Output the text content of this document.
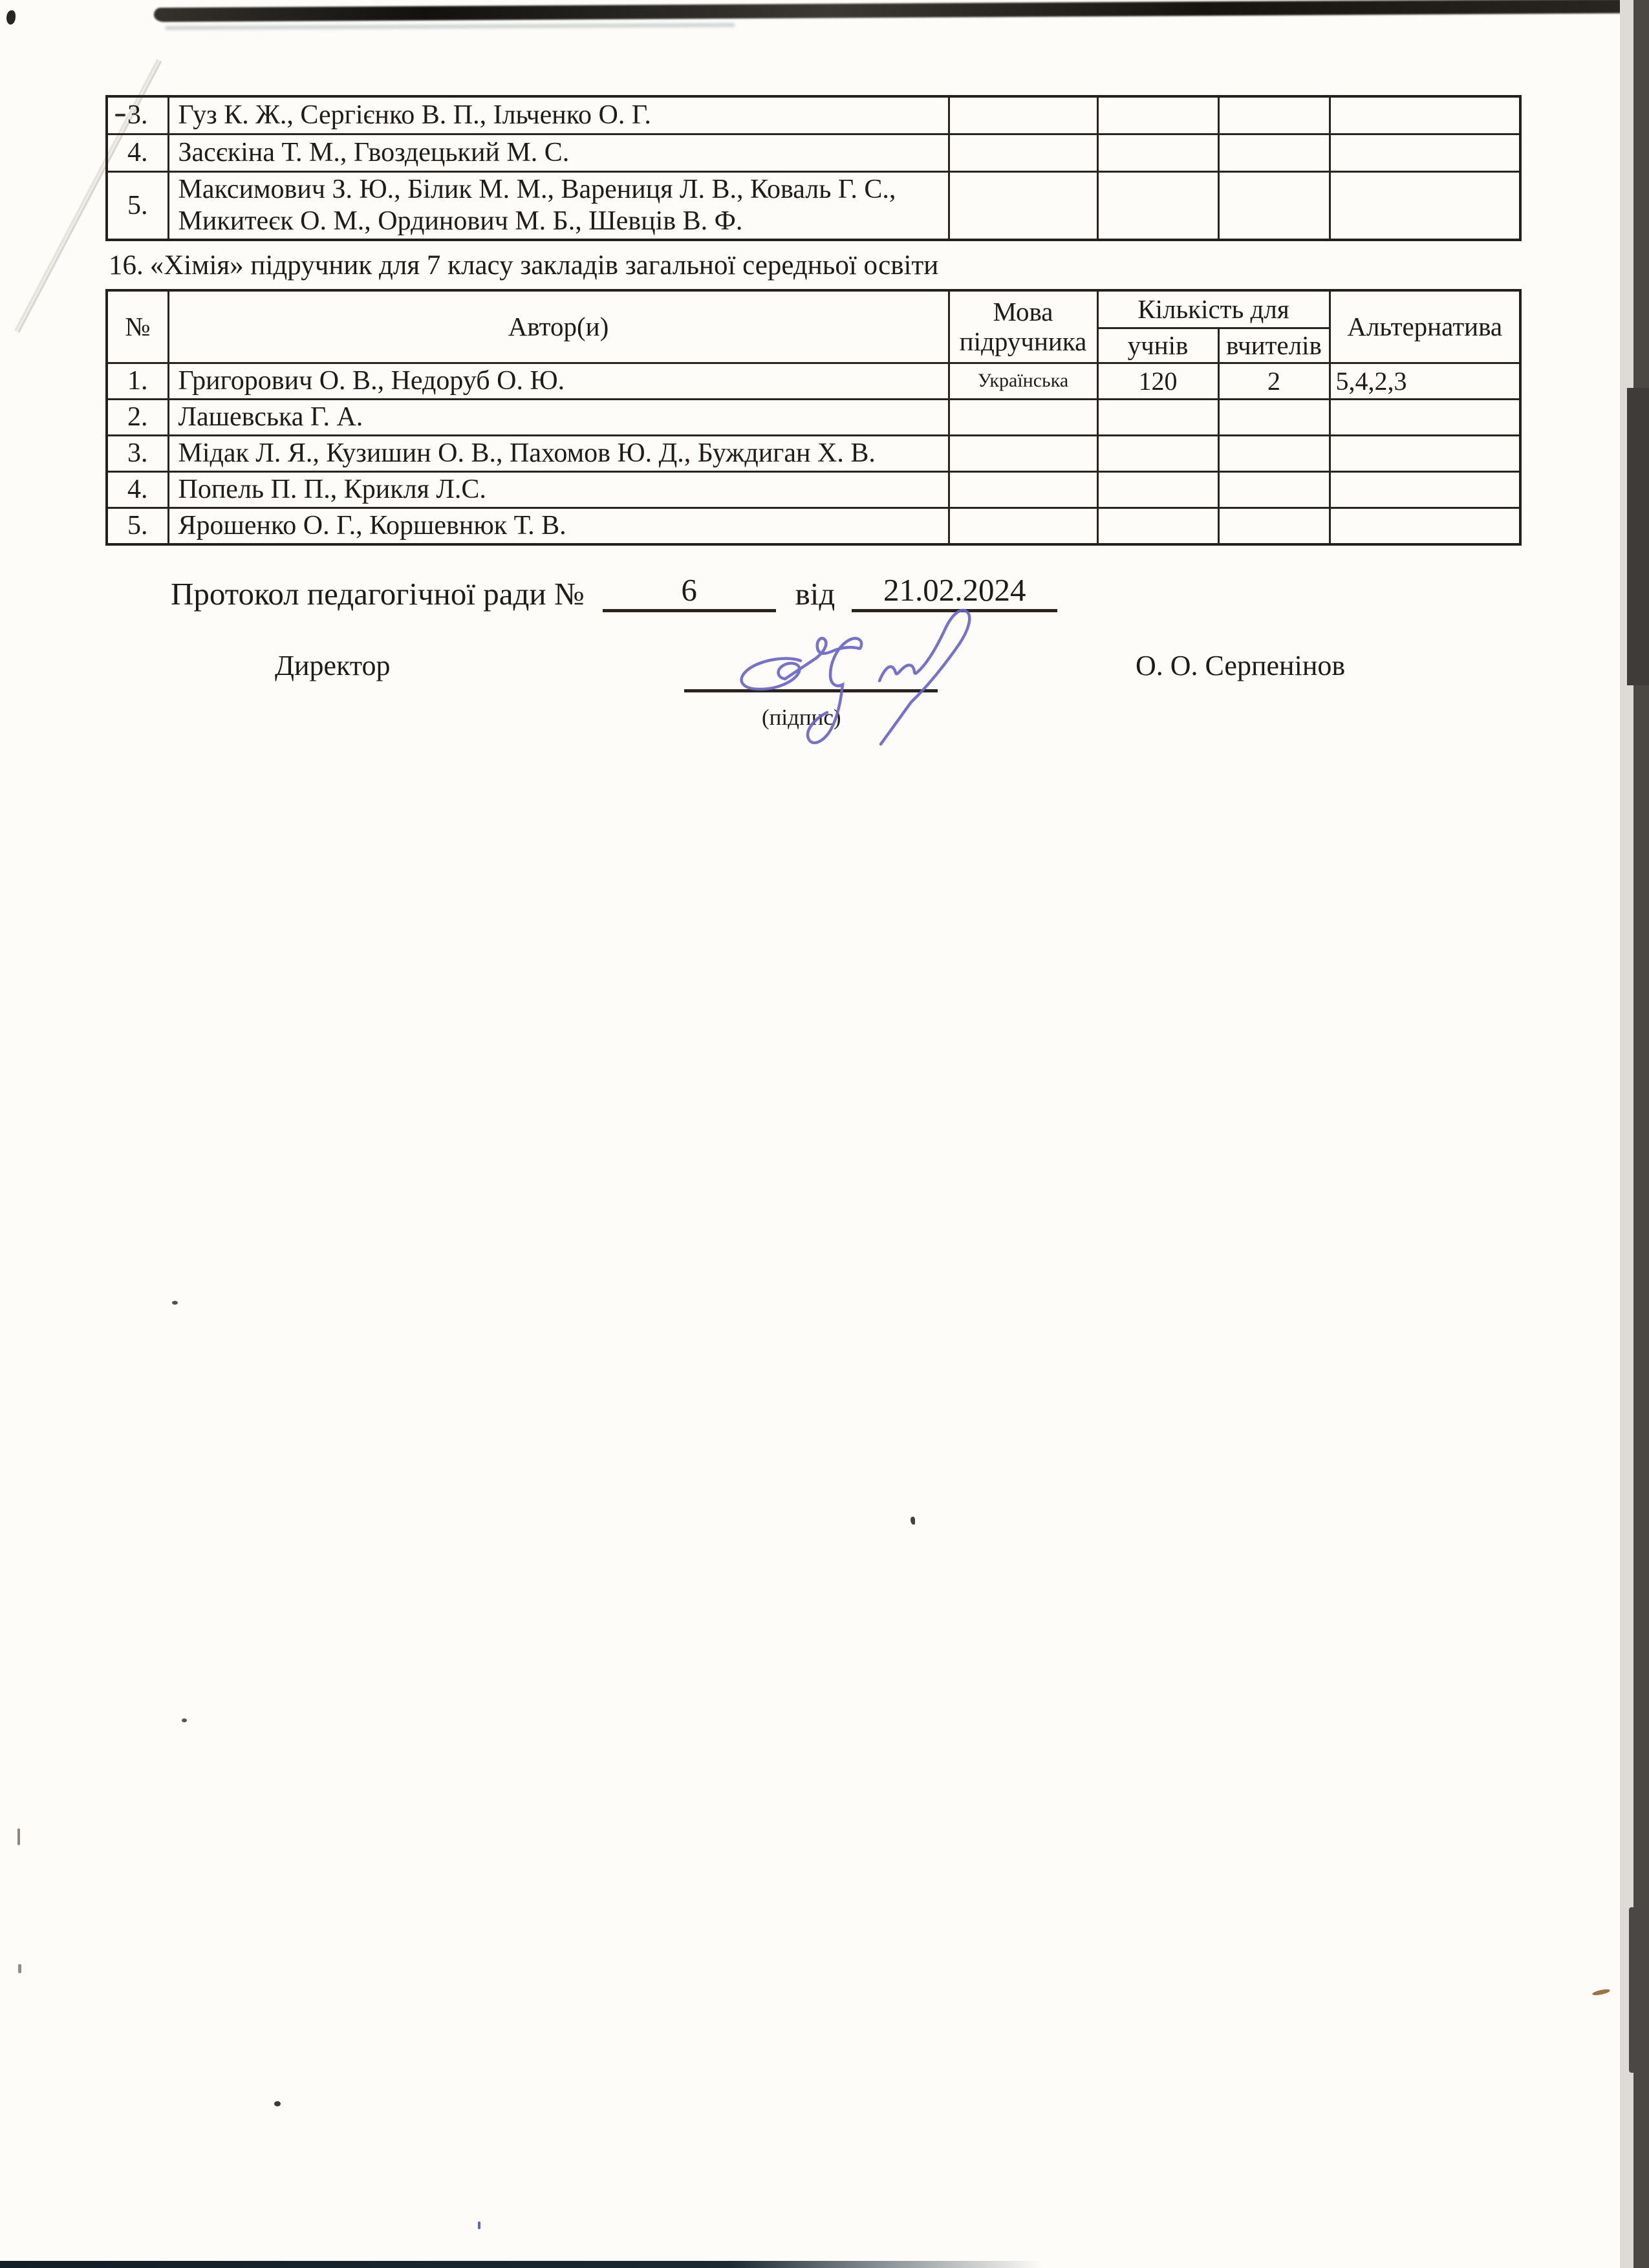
3.	Гуз К. Ж., Сергієнко В. П., Ільченко О. Г.				
4.	Засєкіна Т. М., Гвоздецький М. С.				
5.	Максимович З. Ю., Білик М. М., Варениця Л. В., Коваль Г. С., Микитеєк О. М., Ординович М. Б., Шевців В. Ф.				
16. «Хімія» підручник для 7 класу закладів загальної середньої освіти
№	Автор(и)	Мова підручника	Кількість для		Альтернатива
			учнів	вчителів	
1.	Григорович О. В., Недоруб О. Ю.	Українська	120	2	5,4,2,3
2.	Лашевська Г. А.				
3.	Мідак Л. Я., Кузишин О. В., Пахомов Ю. Д., Буждиган Х. В.				
4.	Попель П. П., Крикля Л.С.				
5.	Ярошенко О. Г., Коршевнюк Т. В.				
Протокол педагогічної ради №	6	від 21.02.2024
Директор
(підпис)
О. О. Серпенінов
